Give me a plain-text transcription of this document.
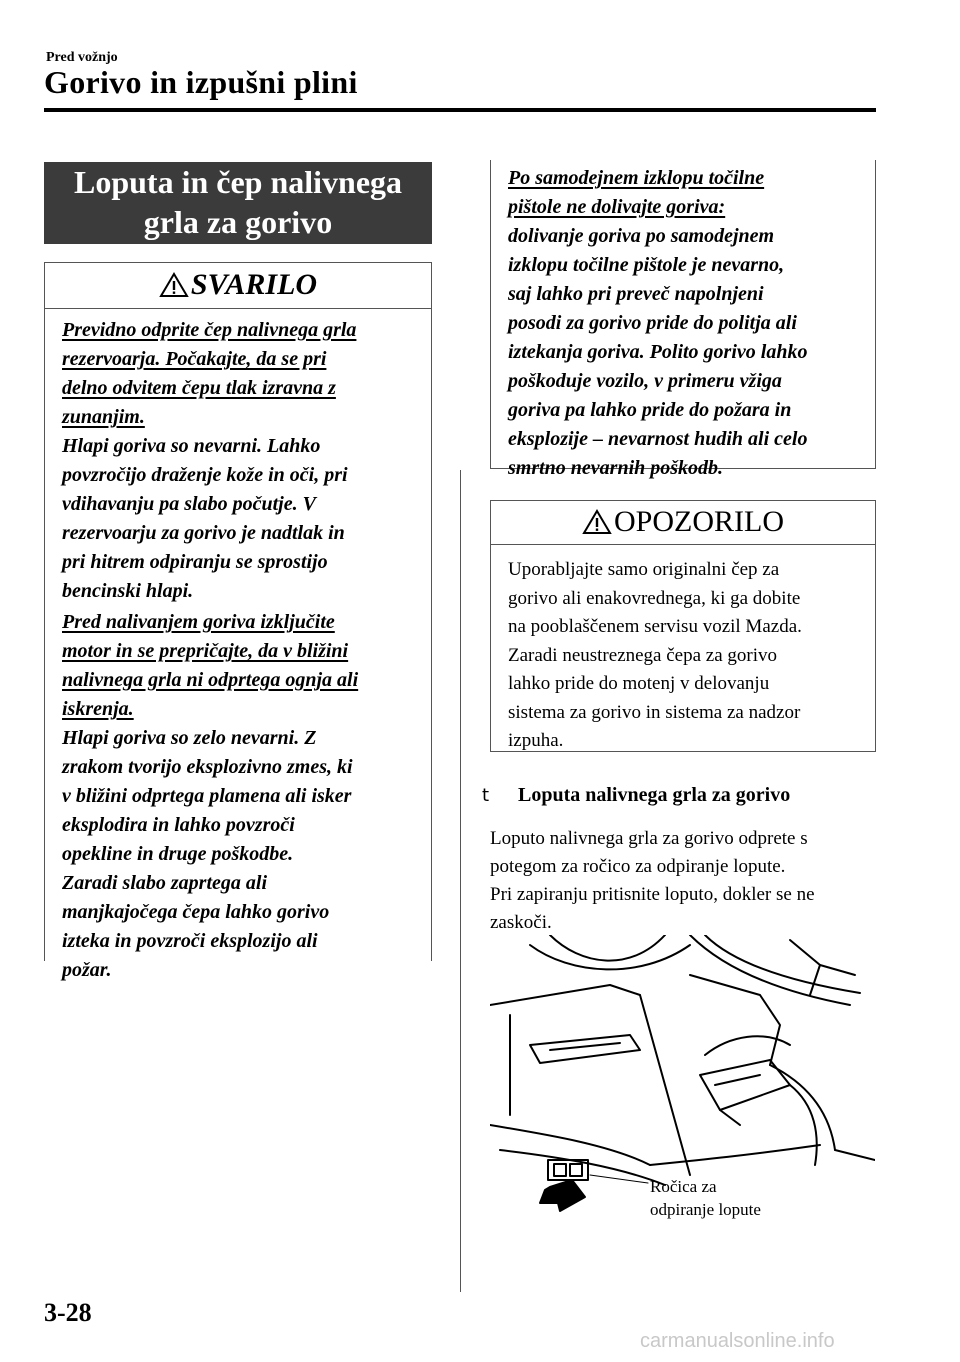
Pred vožnjo
Gorivo in izpušni plini
Loputa in čep nalivnega
grla za gorivo
SVARILO
Previdno odprite čep nalivnega grla
rezervoarja. Počakajte, da se pri
delno odvitem čepu tlak izravna z
zunanjim.
Hlapi goriva so nevarni. Lahko
povzročijo draženje kože in oči, pri
vdihavanju pa slabo počutje. V
rezervoarju za gorivo je nadtlak in
pri hitrem odpiranju se sprostijo
bencinski hlapi.
Pred nalivanjem goriva izključite
motor in se prepričajte, da v bližini
nalivnega grla ni odprtega ognja ali
iskrenja.
Hlapi goriva so zelo nevarni. Z
zrakom tvorijo eksplozivno zmes, ki
v bližini odprtega plamena ali isker
eksplodira in lahko povzroči
opekline in druge poškodbe.
Zaradi slabo zaprtega ali
manjkajočega čepa lahko gorivo
izteka in povzroči eksplozijo ali
požar.
Po samodejnem izklopu točilne
pištole ne dolivajte goriva:
dolivanje goriva po samodejnem
izklopu točilne pištole je nevarno,
saj lahko pri preveč napolnjeni
posodi za gorivo pride do politja ali
iztekanja goriva. Polito gorivo lahko
poškoduje vozilo, v primeru vžiga
goriva pa lahko pride do požara in
eksplozije – nevarnost hudih ali celo
smrtno nevarnih poškodb.
OPOZORILO
Uporabljajte samo originalni čep za
gorivo ali enakovrednega, ki ga dobite
na pooblaščenem servisu vozil Mazda.
Zaradi neustreznega čepa za gorivo
lahko pride do motenj v delovanju
sistema za gorivo in sistema za nadzor
izpuha.
t Loputa nalivnega grla za gorivo
Loputo nalivnega grla za gorivo odprete s
potegom za ročico za odpiranje lopute.
Pri zapiranju pritisnite loputo, dokler se ne
zaskoči.
Ročica za
odpiranje lopute
3-28
carmanualsonline.info
